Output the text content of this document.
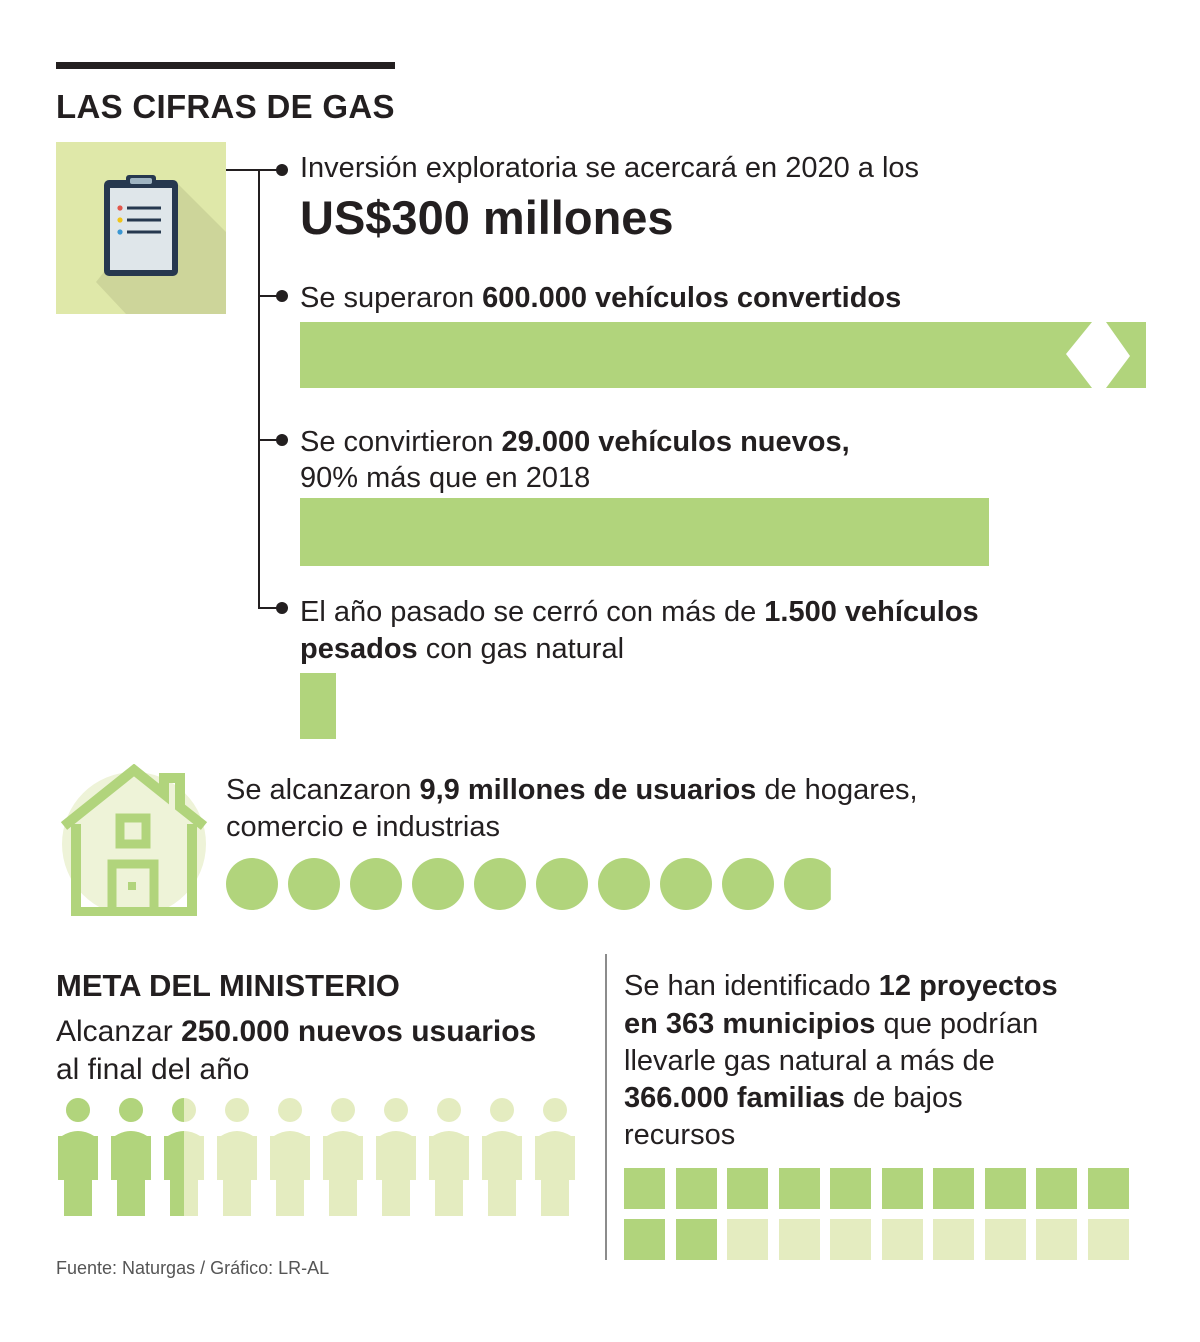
LAS CIFRAS DE GAS
Inversión exploratoria se acercará en 2020 a los
US$300 millones
Se superaron 600.000 vehículos convertidos
Se convirtieron 29.000 vehículos nuevos,
90% más que en 2018
El año pasado se cerró con más de 1.500 vehículos
pesados con gas natural
Se alcanzaron 9,9 millones de usuarios de hogares,
comercio e industrias
META DEL MINISTERIO
Alcanzar 250.000 nuevos usuarios
al final del año
Se han identificado 12 proyectos
en 363 municipios que podrían
llevarle gas natural a más de
366.000 familias de bajos
recursos
Fuente: Naturgas / Gráfico: LR-AL
